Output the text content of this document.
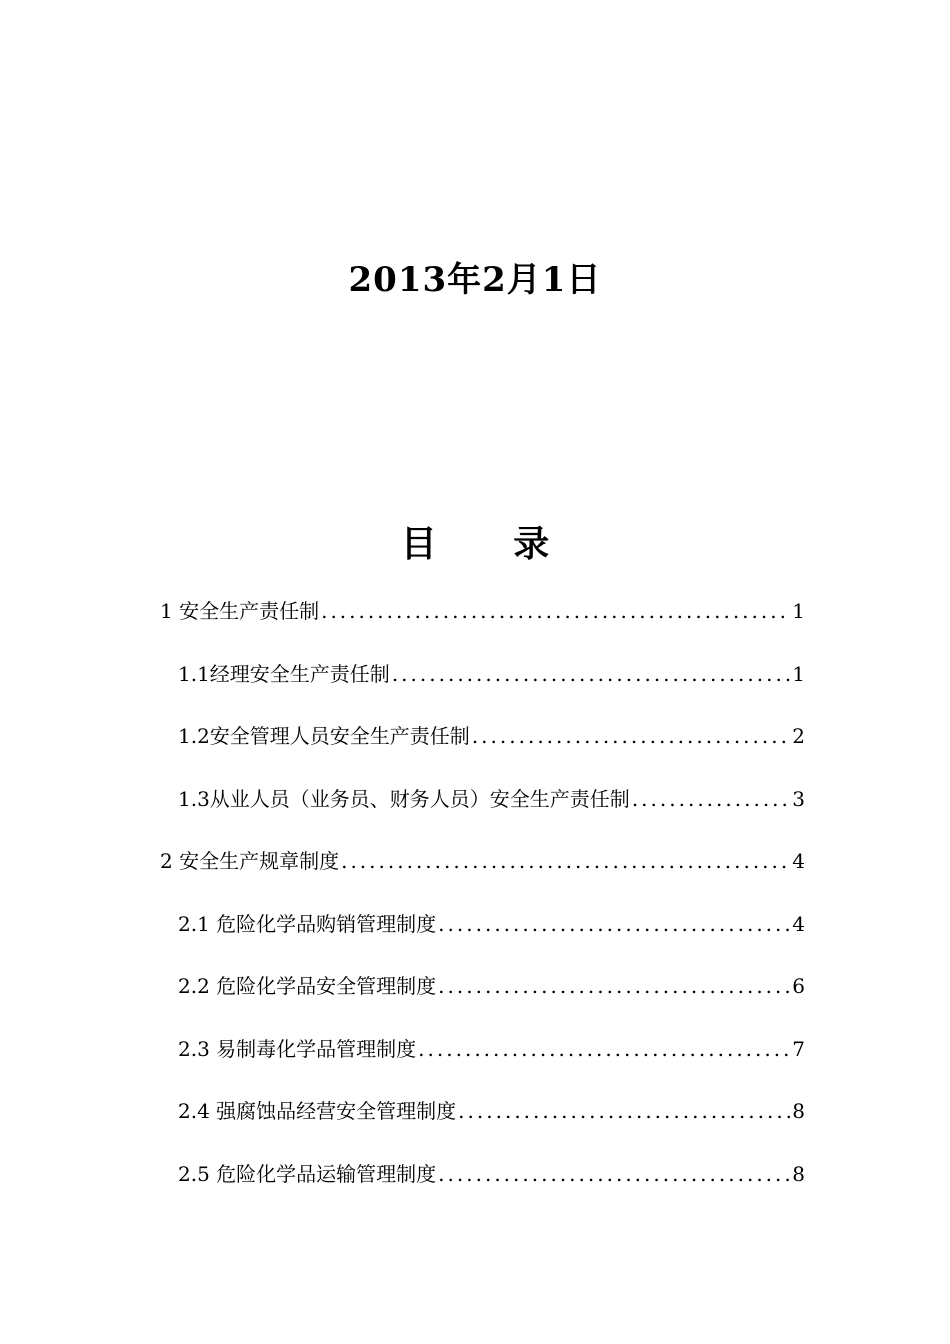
2013年2月1日
目 录
1 安全生产责任制 .....	1
1.1经理安全生产责任制 .....	1
1.2安全管理人员安全生产责任制 .....	2
1.3从业人员（业务员、财务人员）安全生产责任制 .....	3
2 安全生产规章制度 .....	4
2.1 危险化学品购销管理制度 .....	4
2.2 危险化学品安全管理制度 .....	6
2.3 易制毒化学品管理制度 .....	7
2.4 强腐蚀品经营安全管理制度 .....	8
2.5 危险化学品运输管理制度 .....	8
